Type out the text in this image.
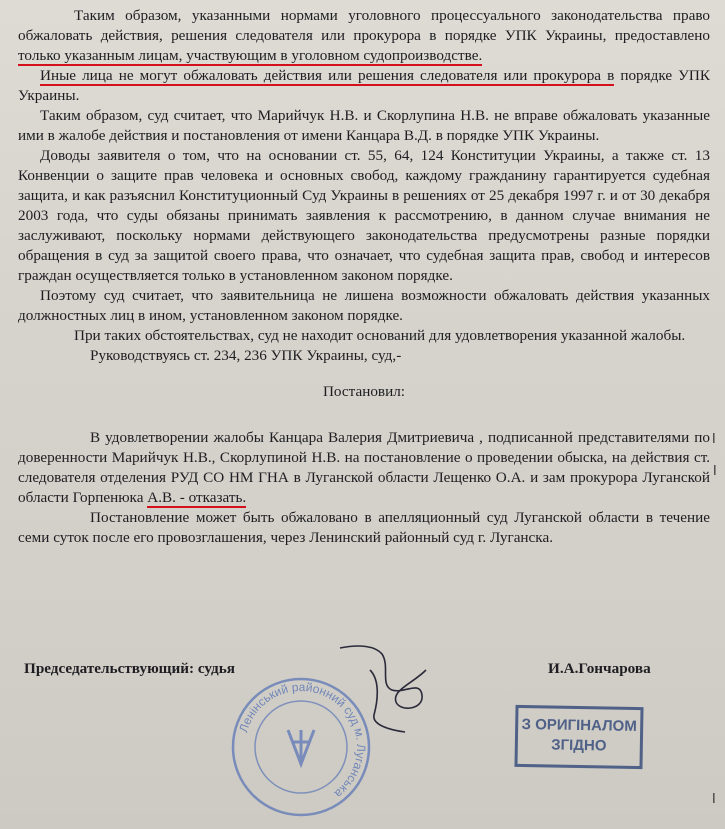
Таким образом, указанными нормами уголовного процессуального законодательства право обжаловать действия, решения следователя или прокурора в порядке УПК Украины, предоставлено только указанным лицам, участвующим в уголовном судопроизводстве.

Иные лица не могут обжаловать действия или решения следователя или прокурора в порядке УПК Украины.

Таким образом, суд считает, что Марийчук Н.В. и Скорлупина Н.В. не вправе обжаловать указанные ими в жалобе действия и постановления от имени Канцара В.Д. в порядке УПК Украины.

Доводы заявителя о том, что на основании ст. 55, 64, 124 Конституции Украины, а также ст. 13 Конвенции о защите прав человека и основных свобод, каждому гражданину гарантируется судебная защита, и как разъяснил Конституционный Суд Украины в решениях от 25 декабря 1997 г. и от 30 декабря 2003 года, что суды обязаны принимать заявления к рассмотрению, в данном случае внимания не заслуживают, поскольку нормами действующего законодательства предусмотрены разные порядки обращения в суд за защитой своего права, что означает, что судебная защита прав, свобод и интересов граждан осуществляется только в установленном законом порядке.

Поэтому суд считает, что заявительница не лишена возможности обжаловать действия указанных должностных лиц в ином, установленном законом порядке.

При таких обстоятельствах, суд не находит оснований для удовлетворения указанной жалобы.

Руководствуясь ст. 234, 236 УПК Украины, суд,-

Постановил:

В удовлетворении жалобы Канцара Валерия Дмитриевича , подписанной представителями по доверенности Марийчук Н.В., Скорлупиной Н.В. на постановление о проведении обыска, на действия ст. следователя отделения РУД СО НМ ГНА в Луганской области Лещенко О.А. и зам прокурора Луганской области Горпенюка А.В. - отказать.

Постановление может быть обжаловано в апелляционный суд Луганской области в течение семи суток после его провозглашения, через Ленинский районный суд г. Луганска.

Председательствующий: судья	И.А.Гончарова
Ленінський районний суд м. Луганська
З ОРИГІНАЛОМ
ЗГІДНО
ǀ
ǀ
ǀ
